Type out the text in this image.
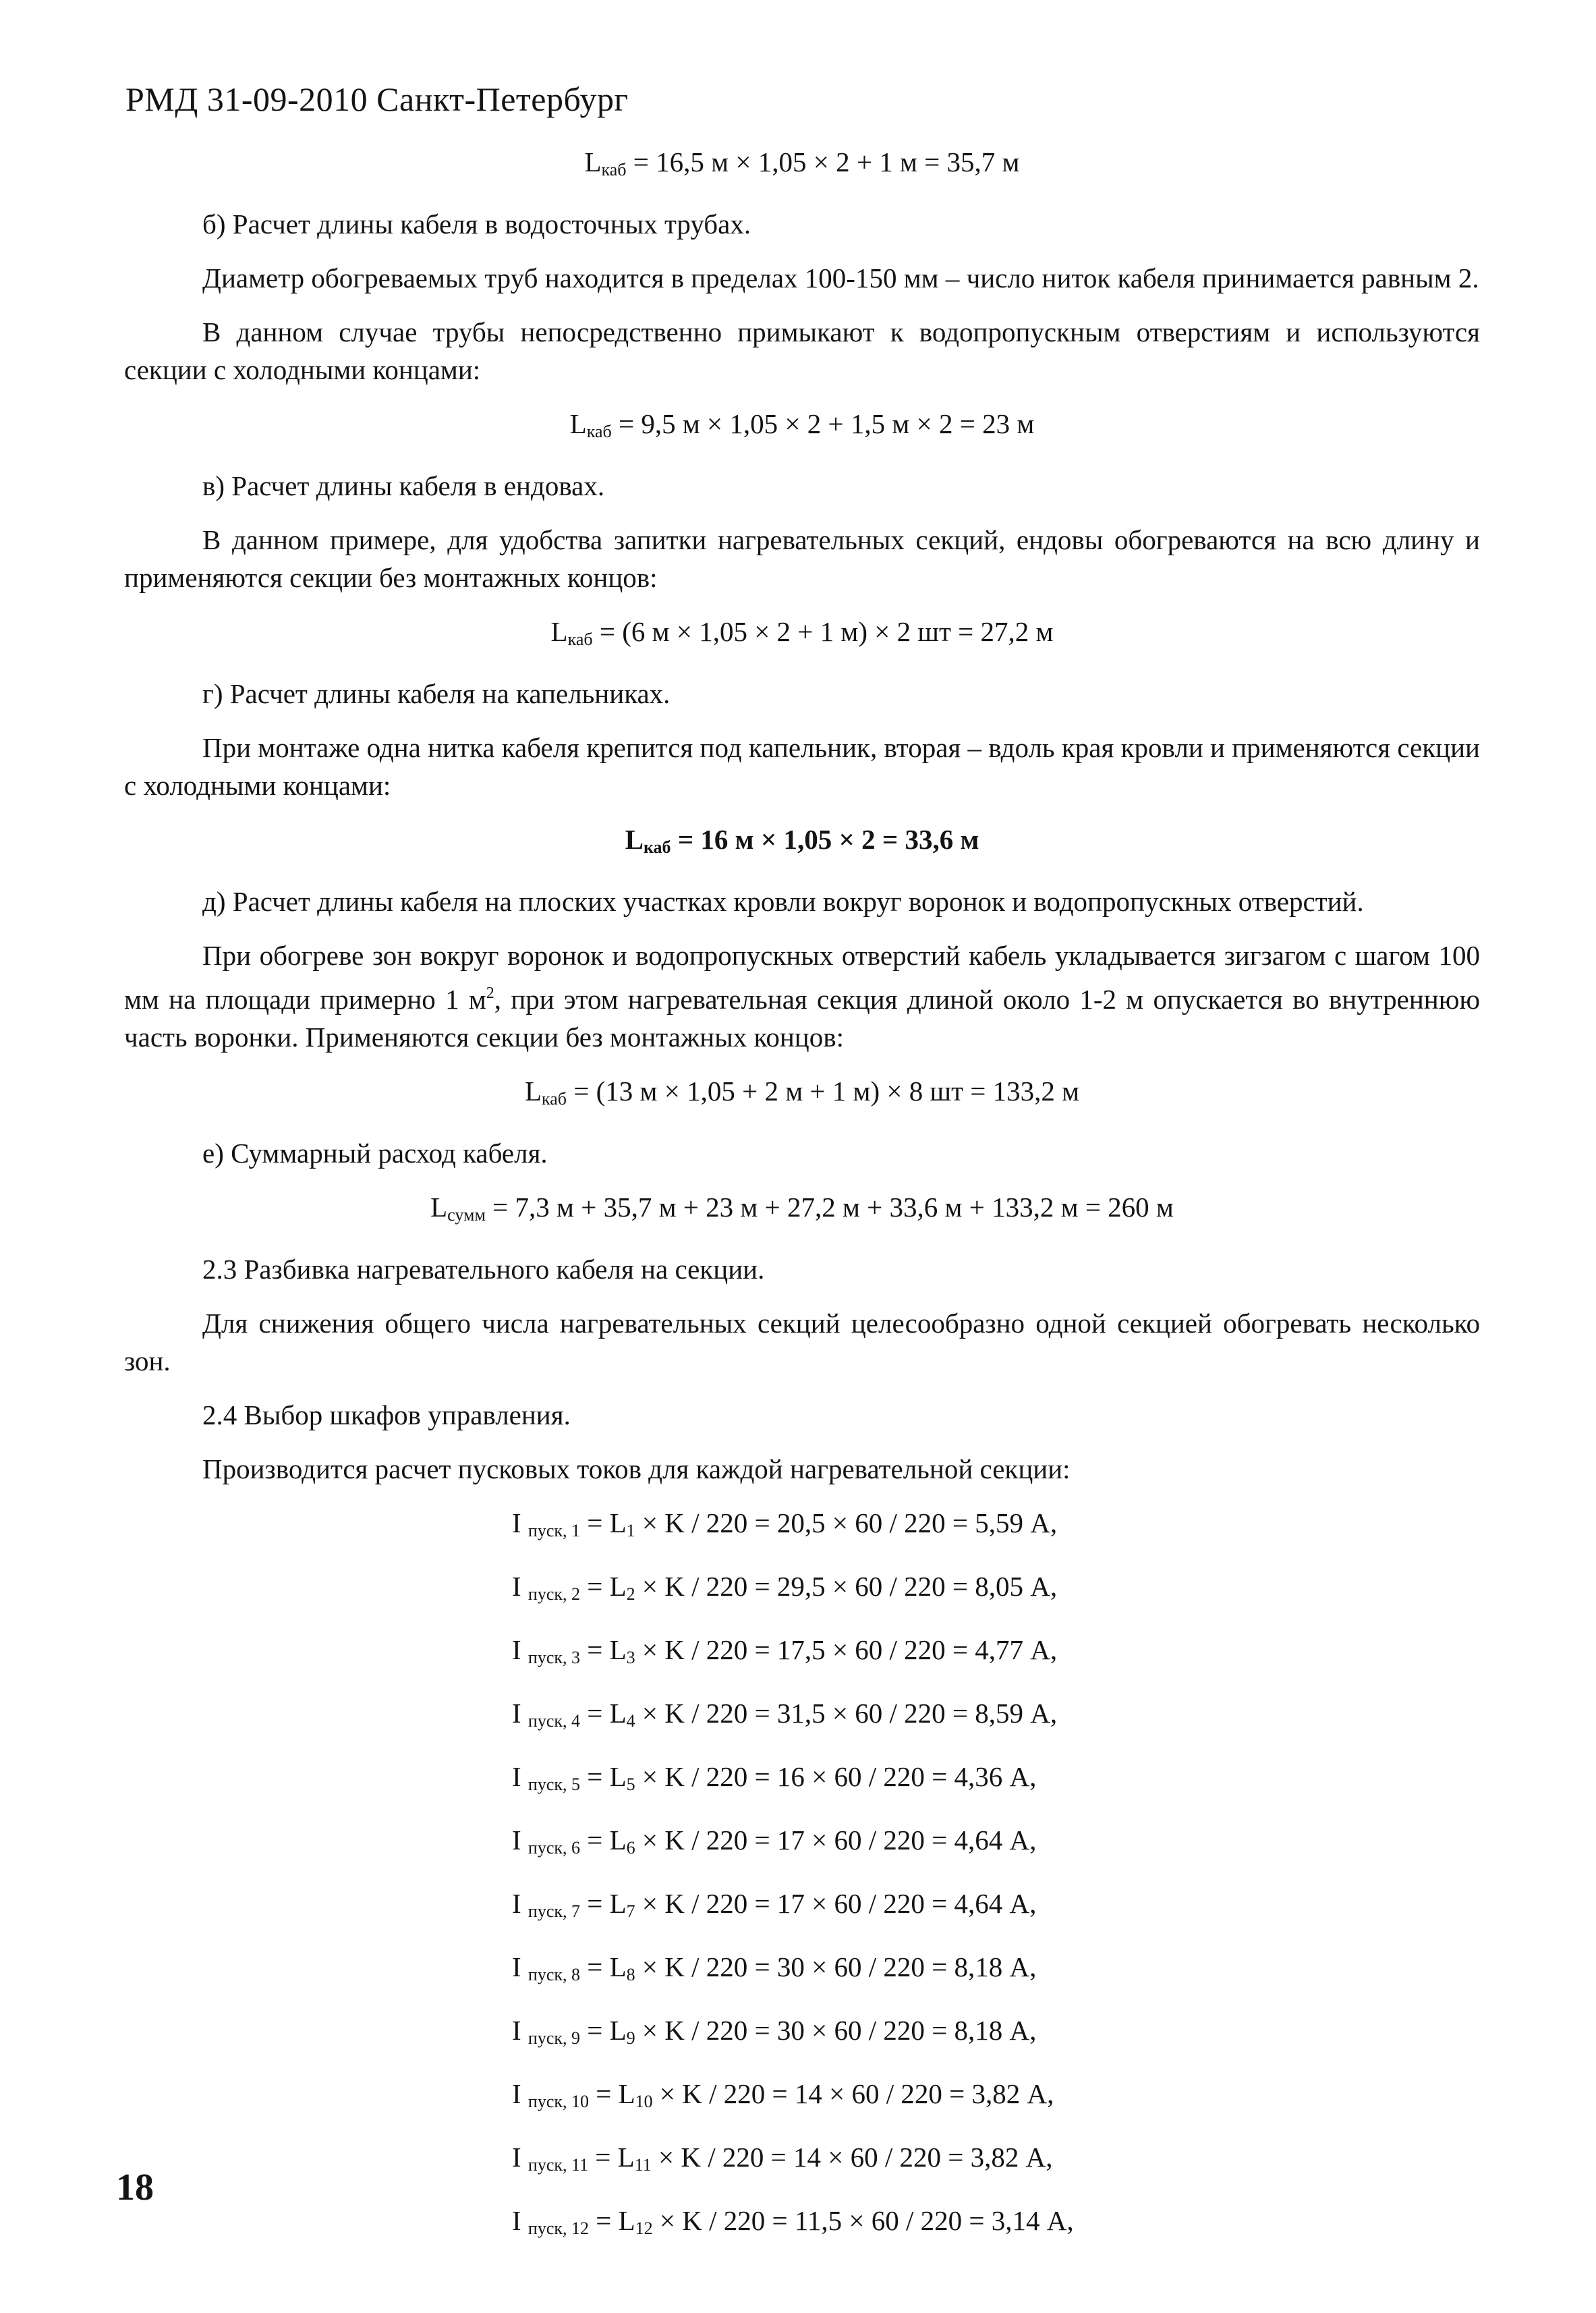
РМД 31-09-2010 Санкт-Петербург
Lкаб = 16,5 м × 1,05 × 2 + 1 м = 35,7 м
б) Расчет длины кабеля в водосточных трубах.
Диаметр обогреваемых труб находится в пределах 100-150 мм – число ниток кабеля принимается равным 2.
В данном случае трубы непосредственно примыкают к водопропускным отверстиям и используются секции с холодными концами:
Lкаб = 9,5 м × 1,05 × 2 + 1,5 м × 2 = 23 м
в) Расчет длины кабеля в ендовах.
В данном примере, для удобства запитки нагревательных секций, ендовы обогреваются на всю длину и применяются секции без монтажных концов:
Lкаб = (6 м × 1,05 × 2 + 1 м) × 2 шт = 27,2 м
г) Расчет длины кабеля на капельниках.
При монтаже одна нитка кабеля крепится под капельник, вторая – вдоль края кровли и применяются секции с холодными концами:
Lкаб = 16 м × 1,05 × 2 = 33,6 м
д) Расчет длины кабеля на плоских участках кровли вокруг воронок и водопропускных отверстий.
При обогреве зон вокруг воронок и водопропускных отверстий кабель укладывается зигзагом с шагом 100 мм на площади примерно 1 $м^2$, при этом нагревательная секция длиной около 1-2 м опускается во внутреннюю часть воронки. Применяются секции без монтажных концов:
Lкаб = (13 м × 1,05 + 2 м + 1 м) × 8 шт = 133,2 м
е) Суммарный расход кабеля.
Lсумм = 7,3 м + 35,7 м + 23 м + 27,2 м + 33,6 м + 133,2 м = 260 м
2.3 Разбивка нагревательного кабеля на секции.
Для снижения общего числа нагревательных секций целесообразно одной секцией обогревать несколько зон.
2.4 Выбор шкафов управления.
Производится расчет пусковых токов для каждой нагревательной секции:
I пуск, 1 = L1 × K / 220 = 20,5 × 60 / 220 = 5,59 А,
I пуск, 2 = L2 × K / 220 = 29,5 × 60 / 220 = 8,05 А,
I пуск, 3 = L3 × K / 220 = 17,5 × 60 / 220 = 4,77 А,
I пуск, 4 = L4 × K / 220 = 31,5 × 60 / 220 = 8,59 А,
I пуск, 5 = L5 × K / 220 = 16 × 60 / 220 = 4,36 А,
I пуск, 6 = L6 × K / 220 = 17 × 60 / 220 = 4,64 А,
I пуск, 7 = L7 × K / 220 = 17 × 60 / 220 = 4,64 А,
I пуск, 8 = L8 × K / 220 = 30 × 60 / 220 = 8,18 А,
I пуск, 9 = L9 × K / 220 = 30 × 60 / 220 = 8,18 А,
I пуск, 10 = L10 × K / 220 = 14 × 60 / 220 = 3,82 А,
I пуск, 11 = L11 × K / 220 = 14 × 60 / 220 = 3,82 А,
I пуск, 12 = L12 × K / 220 = 11,5 × 60 / 220 = 3,14 А,
18
